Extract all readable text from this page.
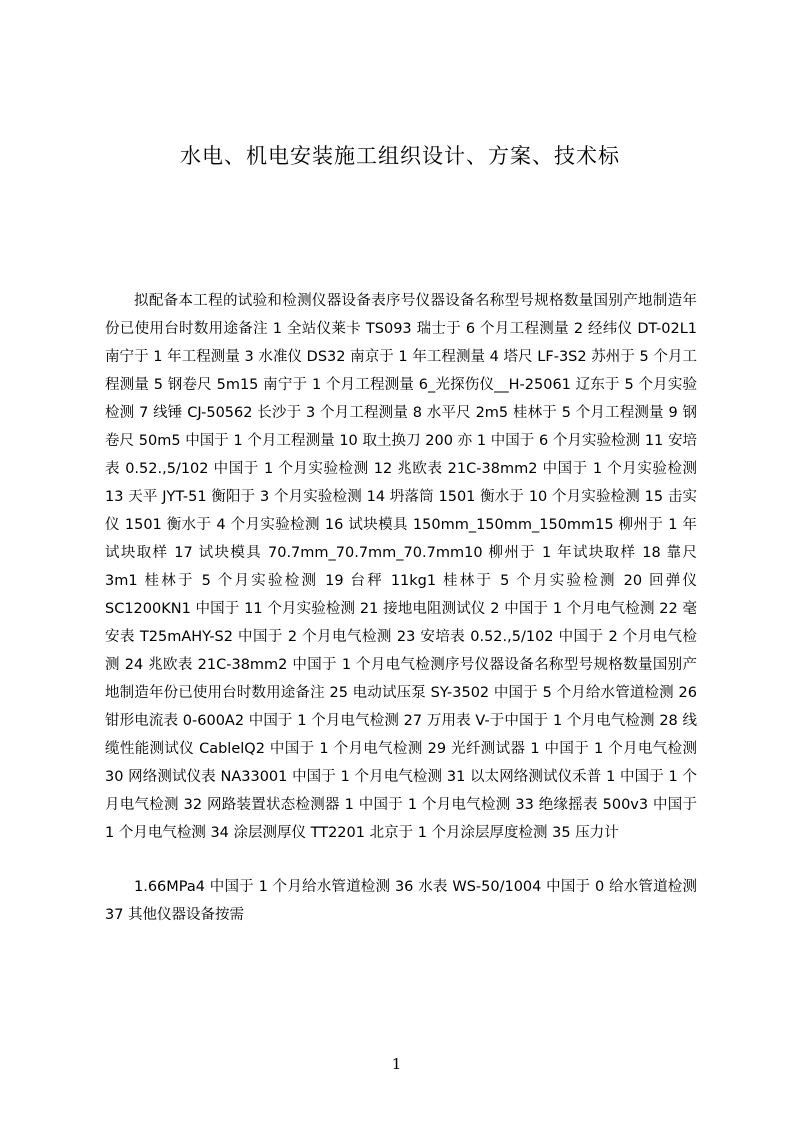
水电、机电安装施工组织设计、方案、技术标

拟配备本工程的试验和检测仪器设备表序号仪器设备名称型号规格数量国别产地制造年份已使用台时数用途备注 1 全站仪莱卡 TS093 瑞士于 6 个月工程测量 2 经纬仪 DT-02L1 南宁于 1 年工程测量 3 水准仪 DS32 南京于 1 年工程测量 4 塔尺 LF-3S2 苏州于 5 个月工程测量 5 钢卷尺 5m15 南宁于 1 个月工程测量 6_光探伤仪__H-25061 辽东于 5 个月实验检测 7 线锤 CJ-50562 长沙于 3 个月工程测量 8 水平尺 2m5 桂林于 5 个月工程测量 9 钢卷尺 50m5 中国于 1 个月工程测量 10 取土换刀 200 亦 1 中国于 6 个月实验检测 11 安培表 0.52.,5/102 中国于 1 个月实验检测 12 兆欧表 21C-38mm2 中国于 1 个月实验检测 13 天平 JYT-51 衡阳于 3 个月实验检测 14 坍落筒 1501 衡水于 10 个月实验检测 15 击实仪 1501 衡水于 4 个月实验检测 16 试块模具 150mm_150mm_150mm15 柳州于 1 年试块取样 17 试块模具 70.7mm_70.7mm_70.7mm10 柳州于 1 年试块取样 18 靠尺 3m1 桂林于 5 个月实验检测 19 台秤 11kg1 桂林于 5 个月实验检测 20 回弹仪 SC1200KN1 中国于 11 个月实验检测 21 接地电阻测试仪 2 中国于 1 个月电气检测 22 毫安表 T25mAHY-S2 中国于 2 个月电气检测 23 安培表 0.52.,5/102 中国于 2 个月电气检测 24 兆欧表 21C-38mm2 中国于 1 个月电气检测序号仪器设备名称型号规格数量国别产地制造年份已使用台时数用途备注 25 电动试压泵 SY-3502 中国于 5 个月给水管道检测 26 钳形电流表 0-600A2 中国于 1 个月电气检测 27 万用表 V-于中国于 1 个月电气检测 28 线缆性能测试仪 CablelQ2 中国于 1 个月电气检测 29 光纤测试器 1 中国于 1 个月电气检测 30 网络测试仪表 NA33001 中国于 1 个月电气检测 31 以太网络测试仪禾普 1 中国于 1 个月电气检测 32 网路装置状态检测器 1 中国于 1 个月电气检测 33 绝缘摇表 500v3 中国于 1 个月电气检测 34 涂层测厚仪 TT2201 北京于 1 个月涂层厚度检测 35 压力计

1.66MPa4 中国于 1 个月给水管道检测 36 水表 WS-50/1004 中国于 0 给水管道检测 37 其他仪器设备按需

1
